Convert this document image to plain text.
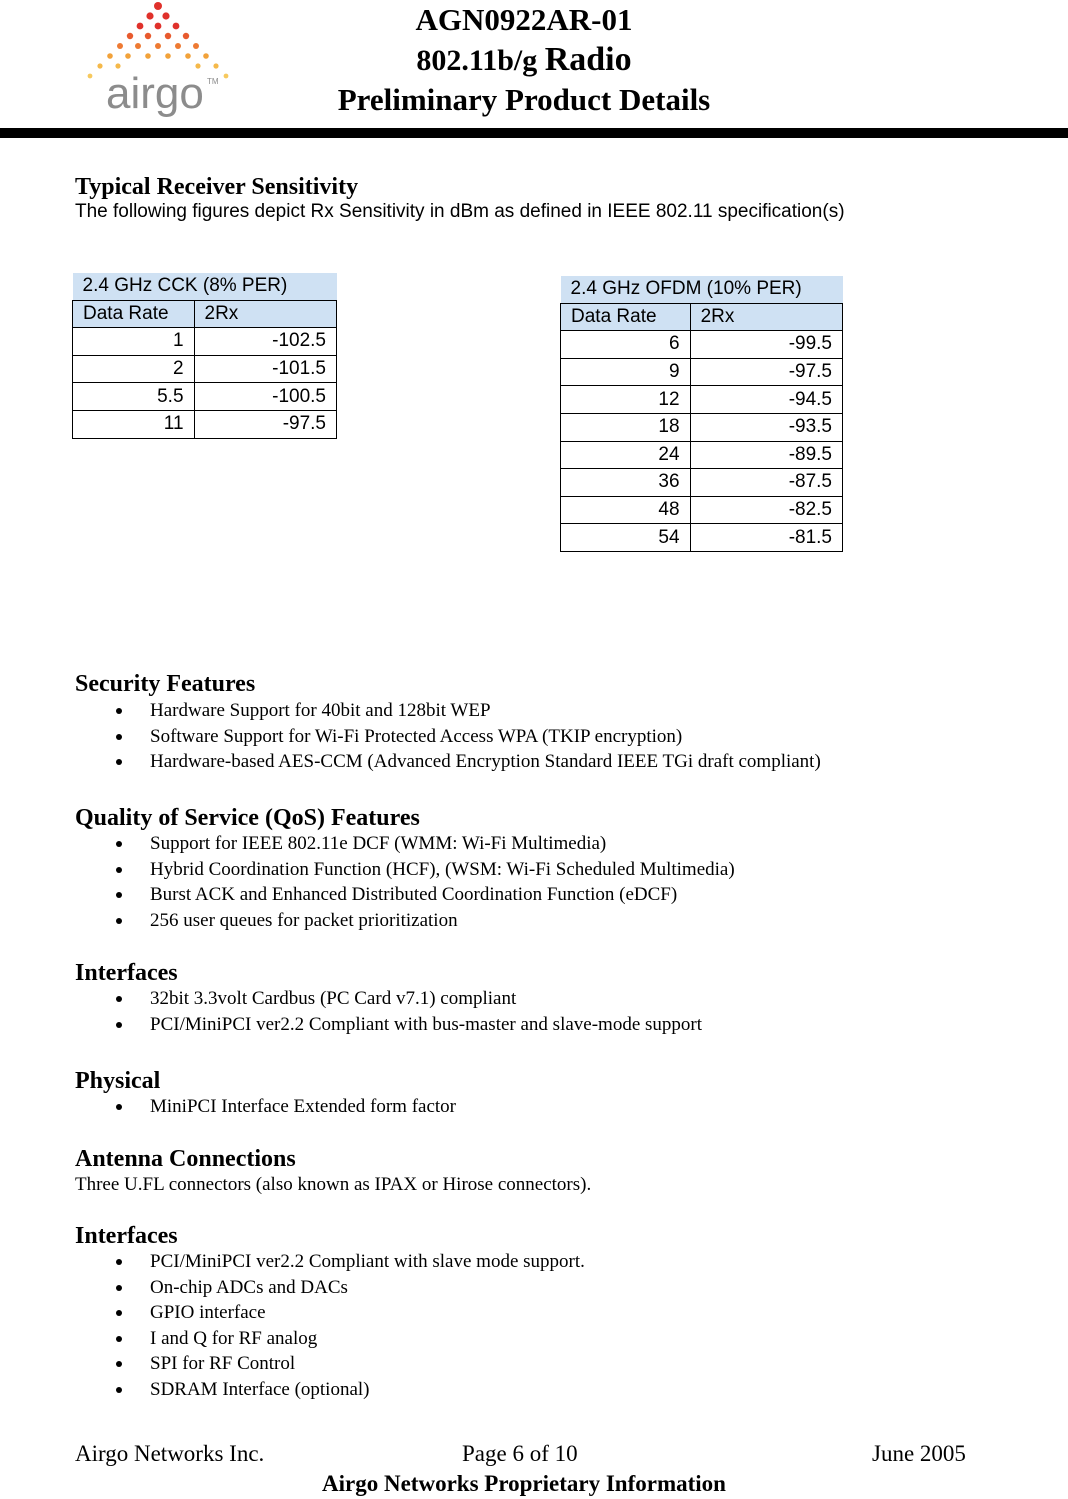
airgo TM
AGN0922AR-01
802.11b/g Radio
Preliminary Product Details
Typical Receiver Sensitivity

The following figures depict Rx Sensitivity in dBm as defined in IEEE 802.11 specification(s)

2.4 GHz CCK (8% PER)	
Data Rate	2Rx
1	-102.5
2	-101.5
5.5	-100.5
11	-97.5
2.4 GHz OFDM (10% PER)	
Data Rate	2Rx
6	-99.5
9	-97.5
12	-94.5
18	-93.5
24	-89.5
36	-87.5
48	-82.5
54	-81.5
Security Features
Hardware Support for 40bit and 128bit WEP
Software Support for Wi-Fi Protected Access WPA (TKIP encryption)
Hardware-based AES-CCM (Advanced Encryption Standard IEEE TGi draft compliant)
Quality of Service (QoS) Features
Support for IEEE 802.11e DCF (WMM: Wi-Fi Multimedia)
Hybrid Coordination Function (HCF), (WSM: Wi-Fi Scheduled Multimedia)
Burst ACK and Enhanced Distributed Coordination Function (eDCF)
256 user queues for packet prioritization
Interfaces
32bit 3.3volt Cardbus (PC Card v7.1) compliant
PCI/MiniPCI ver2.2 Compliant with bus-master and slave-mode support
Physical
MiniPCI Interface Extended form factor
Antenna Connections

Three U.FL connectors (also known as IPAX or Hirose connectors).

Interfaces
PCI/MiniPCI ver2.2 Compliant with slave mode support.
On-chip ADCs and DACs
GPIO interface
I and Q for RF analog
SPI for RF Control
SDRAM Interface (optional)
Airgo Networks Inc.	Page 6 of 10	June 2005
Airgo Networks Proprietary Information
